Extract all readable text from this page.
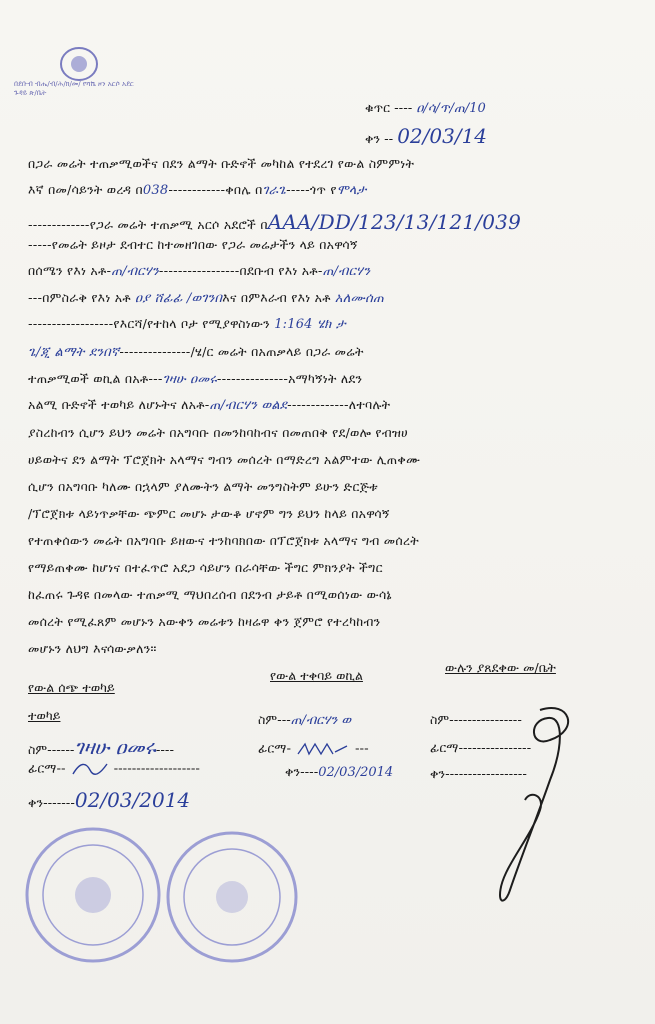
በደቡብ ብሔ/ብ/ሕ/ክ/መ/ የሻሼ ዞን አርሶ አደር ጉዳይ ጽ/ቤት
ቁጥር ---- ዐ/ሳ/ጥ/ጠ/10
ቀን -- 02/03/14
በጋራ መሬት ተጠቃሚወችና በደን ልማት ቡድኖች መካከል የተደረገ የውል ስምምነት
እኛ በመ/ሳይንት ወረዳ በ038------------ቀበሌ በገራጌ-----ጎጥ የሞላታ
-------------የጋራ መሬት ተጠቃሚ አርሶ አደሮች በAAA/DD/123/13/121/039
-----የመሬት ይዞታ ደብተር ከተመዘገበው የጋራ መሬታችን ላይ በአዋሳኝ
በሰሜን የእነ አቶ-ጠ/ብርሃን-----------------በደቡብ የእነ አቶ-ጠ/ብርሃን
---በምስራቅ የእነ አቶ ዐያ ሸፊፊ /ወገንበእና በምእራብ የእነ አቶ አለሙሰጠ
------------------የእርሻ/የተከላ ቦታ የሚያዋስነውን 1:164 ሄክ ታ
ጌ/ጂ ልማት ደንበኛ---------------/ሄ/ር መሬት በአጠቃላይ በጋራ መሬት
ተጠቃሚወች ወኪል በአቶ---ገዛሁ ዐመሩ---------------አማካኝነት ለደን
አልሚ ቡድኖች ተወካይ ለሆኑትና ለአቶ-ጠ/ብርሃን ወልደ-------------ለተባሉት
ያስረከብን ሲሆን ይህን መሬት በአግባቡ በመንከባከብና በመጠበቅ የደ/ወሎ የብዝሀ
ሀይወትና ደን ልማት ፕሮጀክት አላማና ግብን መሰረት በማድረግ አልምተው ሊጠቀሙ
ሲሆን በአግባቡ ካለሙ በኋላም ያለሙትን ልማት መንግስትም ይሁን ድርጅቱ
/ፕሮጀክቱ ላይነጥቃቸው ጭምር መሆኑ ታውቆ ሆኖም ግን ይህን ከላይ በአዋሳኝ
የተጠቀሰውን መሬት በአግባቡ ይዘውና ተንከባክበው በፕሮጀክቱ አላማና ግብ መሰረት
የማይጠቀሙ ከሆነና በተፈጥሮ አደጋ ሳይሆን በራሳቸው ችግር ምክንያት ችግር
ከፈጠሩ ጉዳዩ በመላው ተጠቃሚ ማህበረሰብ በደንብ ታይቶ በሚወሰነው ውሳኔ
መሰረት የሚፈጸም መሆኑን አውቀን መሬቱን ከዛሬዋ ቀን ጀምሮ የተረካከብን
መሆኑን ለህግ እናሳውቃለን።
የውል ሰጭ ተወካይ
የውል ተቀባይ ወኪል
ውሉን ያጸደቀው መ/ቤት
ተወካይ
ስም------ገዛሁ ዐመሩ----
ፊርማ--	-------------------
ቀን-------02/03/2014
ስም---ጠ/ብርሃን ወ
ፊርማ-	---
ቀን----02/03/2014
ስም----------------
ፊርማ----------------
ቀን------------------
